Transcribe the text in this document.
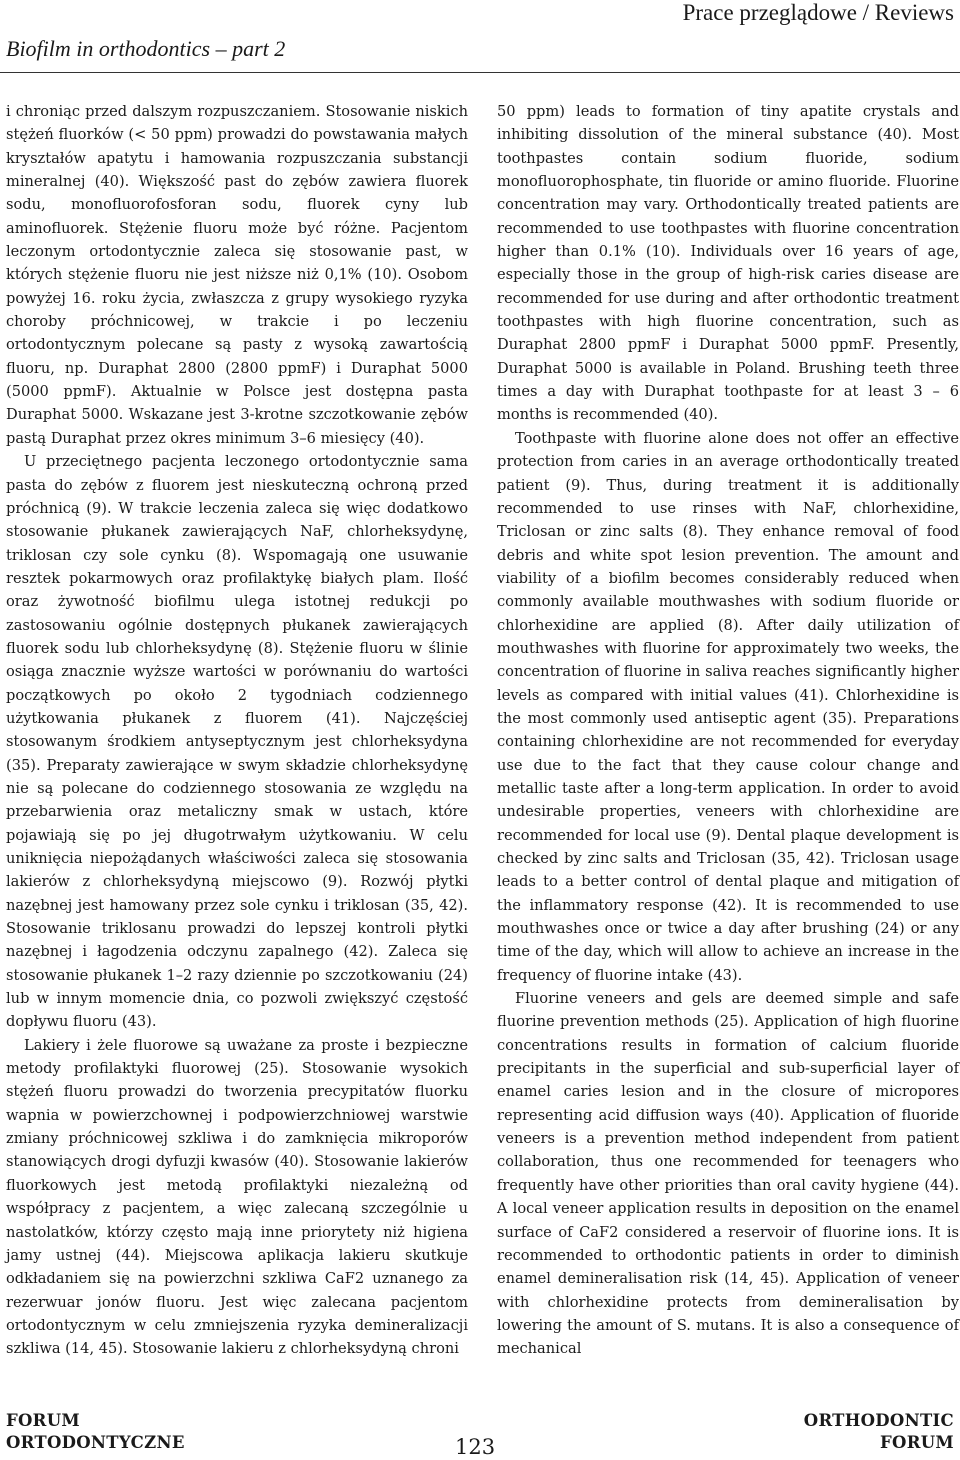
Biofilm in orthodontics – part 2
Prace przeglądowe / Reviews

i chroniąc przed dalszym rozpuszczaniem. Stosowanie niskich stężeń fluorków (< 50 ppm) prowadzi do powstawania małych kryształów apatytu i hamowania rozpuszczania substancji mineralnej (40). Większość past do zębów zawiera fluorek sodu, monofluorofosforan sodu, fluorek cyny lub aminofluorek. Stężenie fluoru może być różne. Pacjentom leczonym ortodontycznie zaleca się stosowanie past, w których stężenie fluoru nie jest niższe niż 0,1% (10). Osobom powyżej 16. roku życia, zwłaszcza z grupy wysokiego ryzyka choroby próchnicowej, w trakcie i po leczeniu ortodontycznym polecane są pasty z wysoką zawartością fluoru, np. Duraphat 2800 (2800 ppmF) i Duraphat 5000 (5000 ppmF). Aktualnie w Polsce jest dostępna pasta Duraphat 5000. Wskazane jest 3-krotne szczotkowanie zębów pastą Duraphat przez okres minimum 3–6 miesięcy (40).

U przeciętnego pacjenta leczonego ortodontycznie sama pasta do zębów z fluorem jest nieskuteczną ochroną przed próchnicą (9). W trakcie leczenia zaleca się więc dodatkowo stosowanie płukanek zawierających NaF, chlorheksydynę, triklosan czy sole cynku (8). Wspomagają one usuwanie resztek pokarmowych oraz profilaktykę białych plam. Ilość oraz żywotność biofilmu ulega istotnej redukcji po zastosowaniu ogólnie dostępnych płukanek zawierających fluorek sodu lub chlorheksydynę (8). Stężenie fluoru w ślinie osiąga znacznie wyższe wartości w porównaniu do wartości początkowych po około 2 tygodniach codziennego użytkowania płukanek z fluorem (41). Najczęściej stosowanym środkiem antyseptycznym jest chlorheksydyna (35). Preparaty zawierające w swym składzie chlorheksydynę nie są polecane do codziennego stosowania ze względu na przebarwienia oraz metaliczny smak w ustach, które pojawiają się po jej długotrwałym użytkowaniu. W celu uniknięcia niepożądanych właściwości zaleca się stosowania lakierów z chlorheksydyną miejscowo (9). Rozwój płytki nazębnej jest hamowany przez sole cynku i triklosan (35, 42). Stosowanie triklosanu prowadzi do lepszej kontroli płytki nazębnej i łagodzenia odczynu zapalnego (42). Zaleca się stosowanie płukanek 1–2 razy dziennie po szczotkowaniu (24) lub w innym momencie dnia, co pozwoli zwiększyć częstość dopływu fluoru (43).

Lakiery i żele fluorowe są uważane za proste i bezpieczne metody profilaktyki fluorowej (25). Stosowanie wysokich stężeń fluoru prowadzi do tworzenia precypitatów fluorku wapnia w powierzchownej i podpowierzchniowej warstwie zmiany próchnicowej szkliwa i do zamknięcia mikroporów stanowiących drogi dyfuzji kwasów (40). Stosowanie lakierów fluorkowych jest metodą profilaktyki niezależną od współpracy z pacjentem, a więc zalecaną szczególnie u nastolatków, którzy często mają inne priorytety niż higiena jamy ustnej (44). Miejscowa aplikacja lakieru skutkuje odkładaniem się na powierzchni szkliwa CaF2 uznanego za rezerwuar jonów fluoru. Jest więc zalecana pacjentom ortodontycznym w celu zmniejszenia ryzyka demineralizacji szkliwa (14, 45). Stosowanie lakieru z chlorheksydyną chroni

50 ppm) leads to formation of tiny apatite crystals and inhibiting dissolution of the mineral substance (40). Most toothpastes contain sodium fluoride, sodium monofluorophosphate, tin fluoride or amino fluoride. Fluorine concentration may vary. Orthodontically treated patients are recommended to use toothpastes with fluorine concentration higher than 0.1% (10). Individuals over 16 years of age, especially those in the group of high-risk caries disease are recommended for use during and after orthodontic treatment toothpastes with high fluorine concentration, such as Duraphat 2800 ppmF i Duraphat 5000 ppmF. Presently, Duraphat 5000 is available in Poland. Brushing teeth three times a day with Duraphat toothpaste for at least 3 – 6 months is recommended (40).

Toothpaste with fluorine alone does not offer an effective protection from caries in an average orthodontically treated patient (9). Thus, during treatment it is additionally recommended to use rinses with NaF, chlorhexidine, Triclosan or zinc salts (8). They enhance removal of food debris and white spot lesion prevention. The amount and viability of a biofilm becomes considerably reduced when commonly available mouthwashes with sodium fluoride or chlorhexidine are applied (8). After daily utilization of mouthwashes with fluorine for approximately two weeks, the concentration of fluorine in saliva reaches significantly higher levels as compared with initial values (41). Chlorhexidine is the most commonly used antiseptic agent (35). Preparations containing chlorhexidine are not recommended for everyday use due to the fact that they cause colour change and metallic taste after a long-term application. In order to avoid undesirable properties, veneers with chlorhexidine are recommended for local use (9). Dental plaque development is checked by zinc salts and Triclosan (35, 42). Triclosan usage leads to a better control of dental plaque and mitigation of the inflammatory response (42). It is recommended to use mouthwashes once or twice a day after brushing (24) or any time of the day, which will allow to achieve an increase in the frequency of fluorine intake (43).

Fluorine veneers and gels are deemed simple and safe fluorine prevention methods (25). Application of high fluorine concentrations results in formation of calcium fluoride precipitants in the superficial and sub-superficial layer of enamel caries lesion and in the closure of micropores representing acid diffusion ways (40). Application of fluoride veneers is a prevention method independent from patient collaboration, thus one recommended for teenagers who frequently have other priorities than oral cavity hygiene (44). A local veneer application results in deposition on the enamel surface of CaF2 considered a reservoir of fluorine ions. It is recommended to orthodontic patients in order to diminish enamel demineralisation risk (14, 45). Application of veneer with chlorhexidine protects from demineralisation by lowering the amount of S. mutans. It is also a consequence of mechanical

FORUM
ORTODONTYCZNE	123
ORTHODONTIC
FORUM
